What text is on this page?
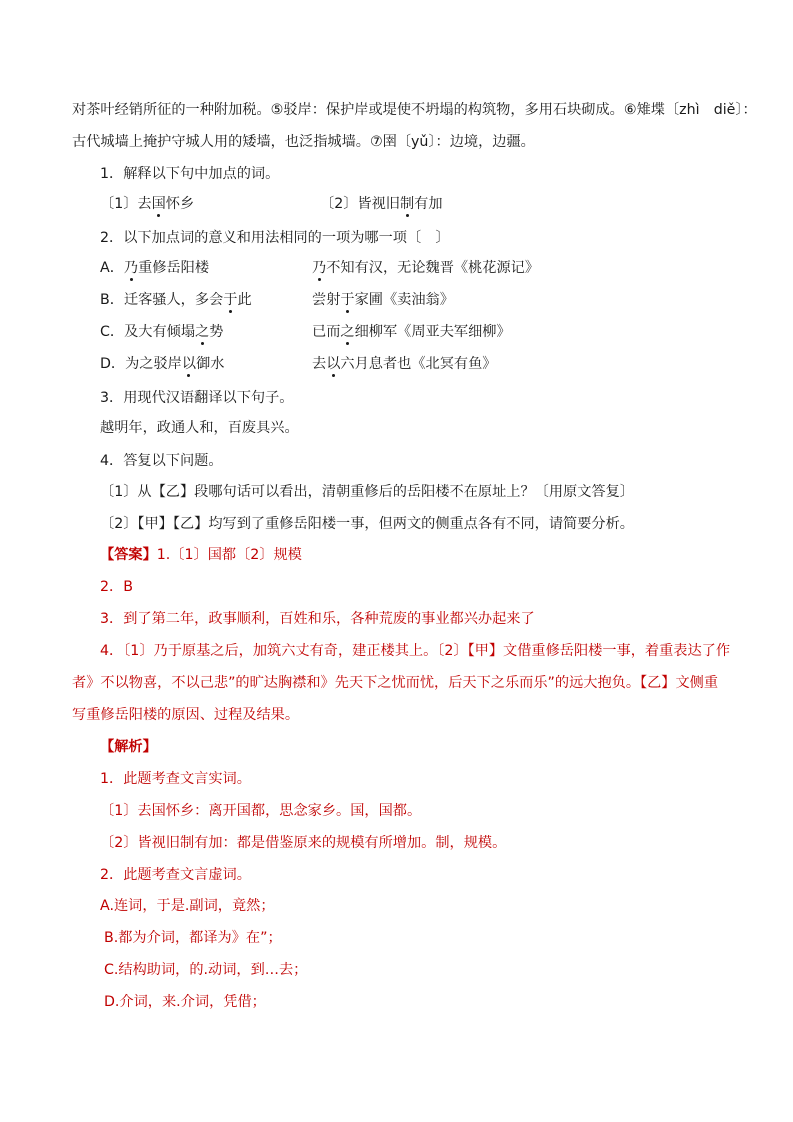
对茶叶经销所征的一种附加税。⑤驳岸：保护岸或堤使不坍塌的构筑物，多用石块砌成。⑥雉堞〔zhì　diě〕：
古代城墙上掩护守城人用的矮墙，也泛指城墙。⑦圉〔yǔ〕：边境，边疆。
1．解释以下句中加点的词。
〔1〕去国怀乡	〔2〕皆视旧制有加
2．以下加点词的意义和用法相同的一项为哪一项〔　〕
A．乃重修岳阳楼	乃不知有汉，无论魏晋《桃花源记》
B．迁客骚人，多会于此	尝射于家圃《卖油翁》
C．及大有倾塌之势	已而之细柳军《周亚夫军细柳》
D．为之驳岸以御水	去以六月息者也《北冥有鱼》
3．用现代汉语翻译以下句子。
越明年，政通人和，百废具兴。
4．答复以下问题。
〔1〕从【乙】段哪句话可以看出，清朝重修后的岳阳楼不在原址上？〔用原文答复〕
〔2〕【甲】【乙】均写到了重修岳阳楼一事，但两文的侧重点各有不同，请简要分析。
【答案】1.〔1〕国都〔2〕规模
2．B
3．到了第二年，政事顺利，百姓和乐，各种荒废的事业都兴办起来了
4．〔1〕乃于原基之后，加筑六丈有奇，建正楼其上。〔2〕【甲】文借重修岳阳楼一事，着重表达了作
者》不以物喜，不以己悲”的旷达胸襟和》先天下之忧而忧，后天下之乐而乐”的远大抱负。【乙】文侧重
写重修岳阳楼的原因、过程及结果。
【解析】
1．此题考查文言实词。
〔1〕去国怀乡：离开国都，思念家乡。国，国都。
〔2〕皆视旧制有加：都是借鉴原来的规模有所增加。制，规模。
2．此题考查文言虚词。
A.连词，于是.副词，竟然；
B.都为介词，都译为》在”；
C.结构助词，的.动词，到…去；
D.介词，来.介词，凭借；
